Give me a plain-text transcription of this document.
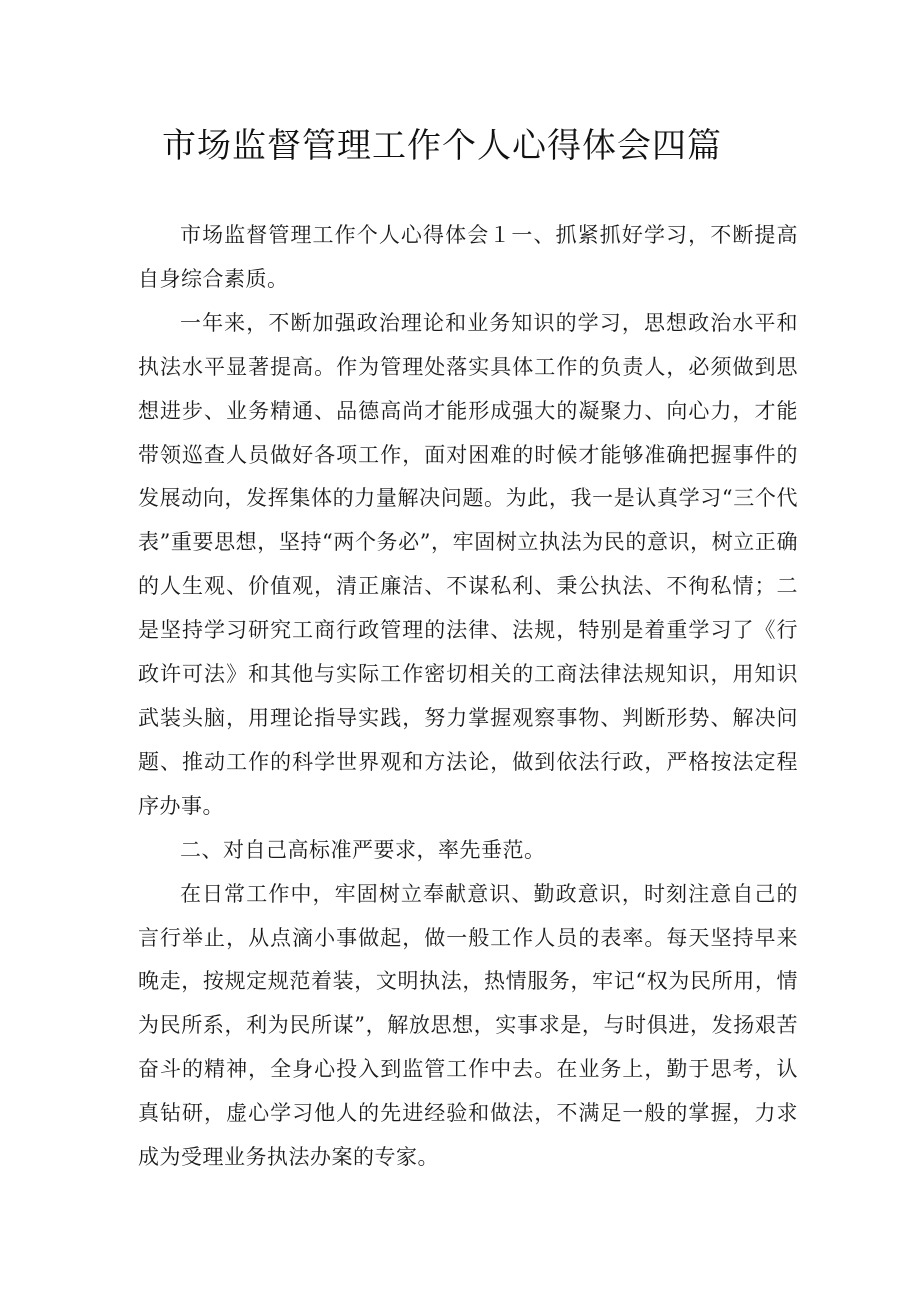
市场监督管理工作个人心得体会四篇

市场监督管理工作个人心得体会１一、抓紧抓好学习，不断提高自身综合素质。

一年来，不断加强政治理论和业务知识的学习，思想政治水平和执法水平显著提高。作为管理处落实具体工作的负责人，必须做到思想进步、业务精通、品德高尚才能形成强大的凝聚力、向心力，才能带领巡查人员做好各项工作，面对困难的时候才能够准确把握事件的发展动向，发挥集体的力量解决问题。为此，我一是认真学习“三个代表”重要思想，坚持“两个务必”，牢固树立执法为民的意识，树立正确的人生观、价值观，清正廉洁、不谋私利、秉公执法、不徇私情；二是坚持学习研究工商行政管理的法律、法规，特别是着重学习了《行政许可法》和其他与实际工作密切相关的工商法律法规知识，用知识武装头脑，用理论指导实践，努力掌握观察事物、判断形势、解决问题、推动工作的科学世界观和方法论，做到依法行政，严格按法定程序办事。

二、对自己高标准严要求，率先垂范。

在日常工作中，牢固树立奉献意识、勤政意识，时刻注意自己的言行举止，从点滴小事做起，做一般工作人员的表率。每天坚持早来晚走，按规定规范着装，文明执法，热情服务，牢记“权为民所用，情为民所系，利为民所谋”，解放思想，实事求是，与时俱进，发扬艰苦奋斗的精神，全身心投入到监管工作中去。在业务上，勤于思考，认真钻研，虚心学习他人的先进经验和做法，不满足一般的掌握，力求成为受理业务执法办案的专家。
